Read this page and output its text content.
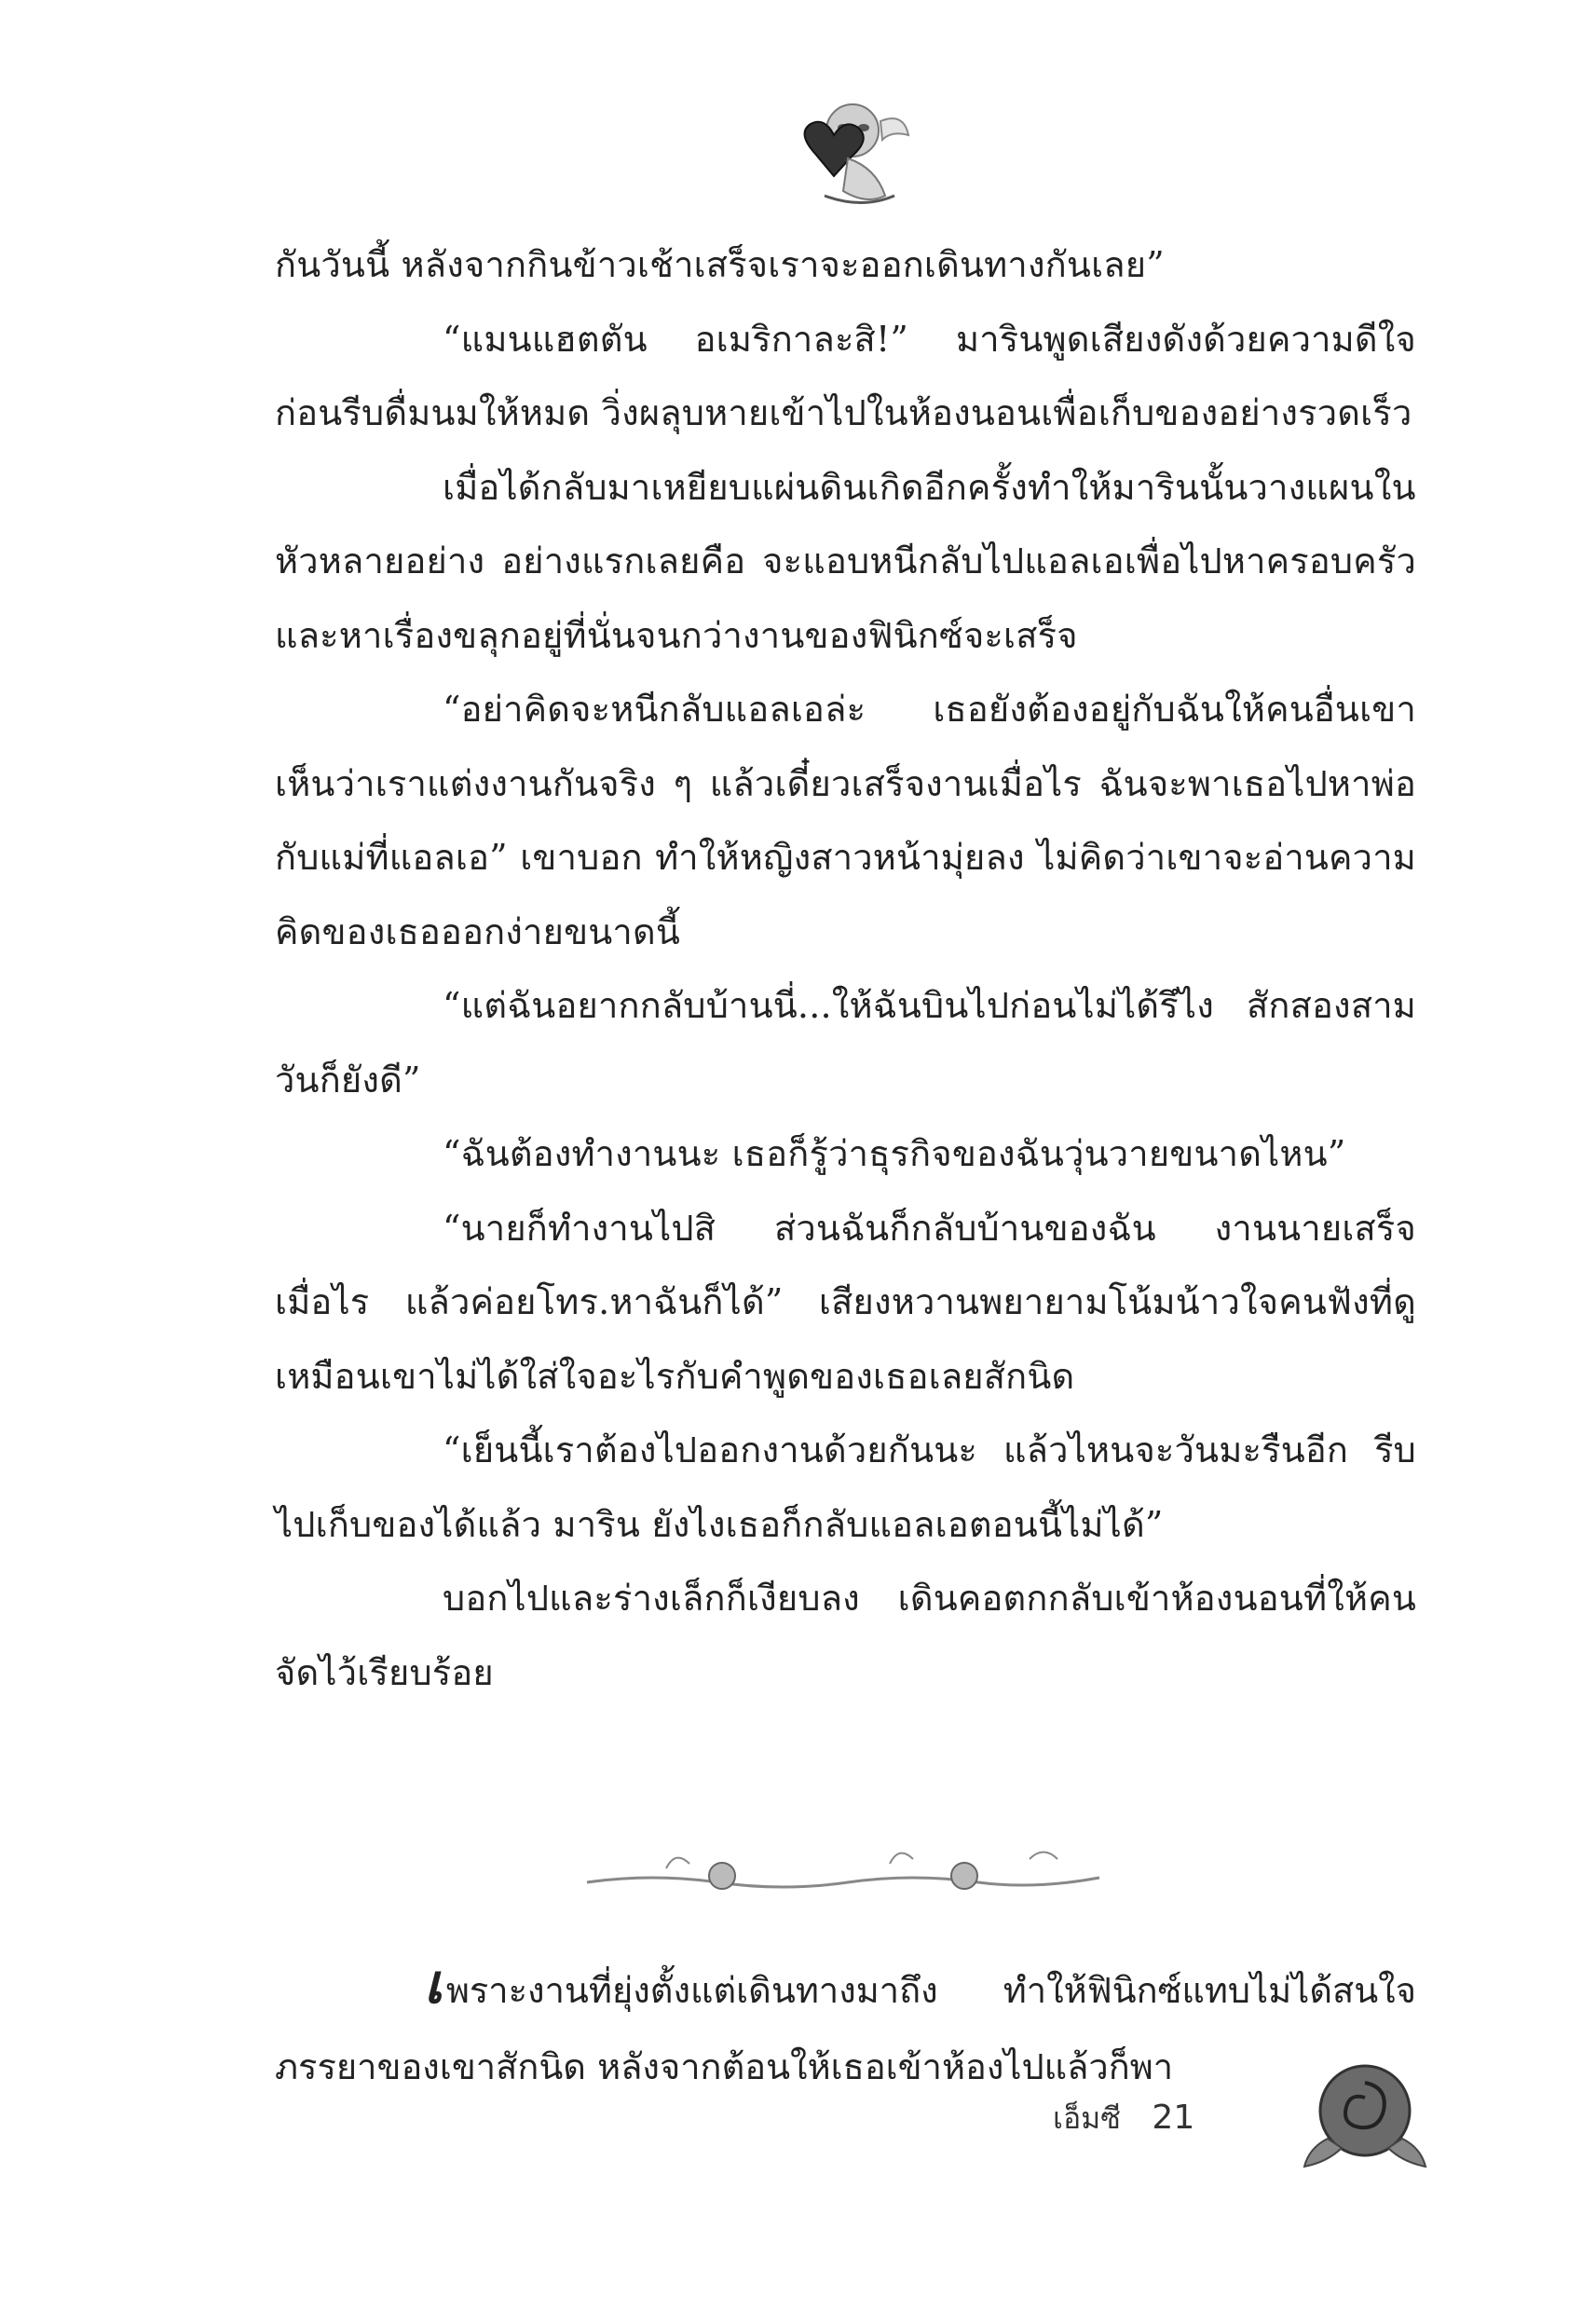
กันวันนี้ หลังจากกินข้าวเช้าเสร็จเราจะออกเดินทางกันเลย”

“แมนแฮตตัน อเมริกาละสิ!” มารินพูดเสียงดังด้วยความดีใจ ก่อนรีบดื่มนมให้หมด วิ่งผลุบหายเข้าไปในห้องนอนเพื่อเก็บของอย่างรวดเร็ว

เมื่อได้กลับมาเหยียบแผ่นดินเกิดอีกครั้งทำให้มารินนั้นวางแผนในหัวหลายอย่าง อย่างแรกเลยคือ จะแอบหนีกลับไปแอลเอเพื่อไปหาครอบครัวและหาเรื่องขลุกอยู่ที่นั่นจนกว่างานของฟินิกซ์จะเสร็จ

“อย่าคิดจะหนีกลับแอลเอล่ะ เธอยังต้องอยู่กับฉันให้คนอื่นเขาเห็นว่าเราแต่งงานกันจริง ๆ แล้วเดี๋ยวเสร็จงานเมื่อไร ฉันจะพาเธอไปหาพ่อกับแม่ที่แอลเอ” เขาบอก ทำให้หญิงสาวหน้ามุ่ยลง ไม่คิดว่าเขาจะอ่านความคิดของเธอออกง่ายขนาดนี้

“แต่ฉันอยากกลับบ้านนี่...ให้ฉันบินไปก่อนไม่ได้รึไง สักสองสามวันก็ยังดี”

“ฉันต้องทำงานนะ เธอก็รู้ว่าธุรกิจของฉันวุ่นวายขนาดไหน”

“นายก็ทำงานไปสิ ส่วนฉันก็กลับบ้านของฉัน งานนายเสร็จเมื่อไร แล้วค่อยโทร.หาฉันก็ได้” เสียงหวานพยายามโน้มน้าวใจคนฟังที่ดูเหมือนเขาไม่ได้ใส่ใจอะไรกับคำพูดของเธอเลยสักนิด

“เย็นนี้เราต้องไปออกงานด้วยกันนะ แล้วไหนจะวันมะรืนอีก รีบไปเก็บของได้แล้ว มาริน ยังไงเธอก็กลับแอลเอตอนนี้ไม่ได้”

บอกไปและร่างเล็กก็เงียบลง เดินคอตกกลับเข้าห้องนอนที่ให้คนจัดไว้เรียบร้อย

เพราะงานที่ยุ่งตั้งแต่เดินทางมาถึง ทำให้ฟินิกซ์แทบไม่ได้สนใจภรรยาของเขาสักนิด หลังจากต้อนให้เธอเข้าห้องไปแล้วก็พา

เอ็มซี 21
